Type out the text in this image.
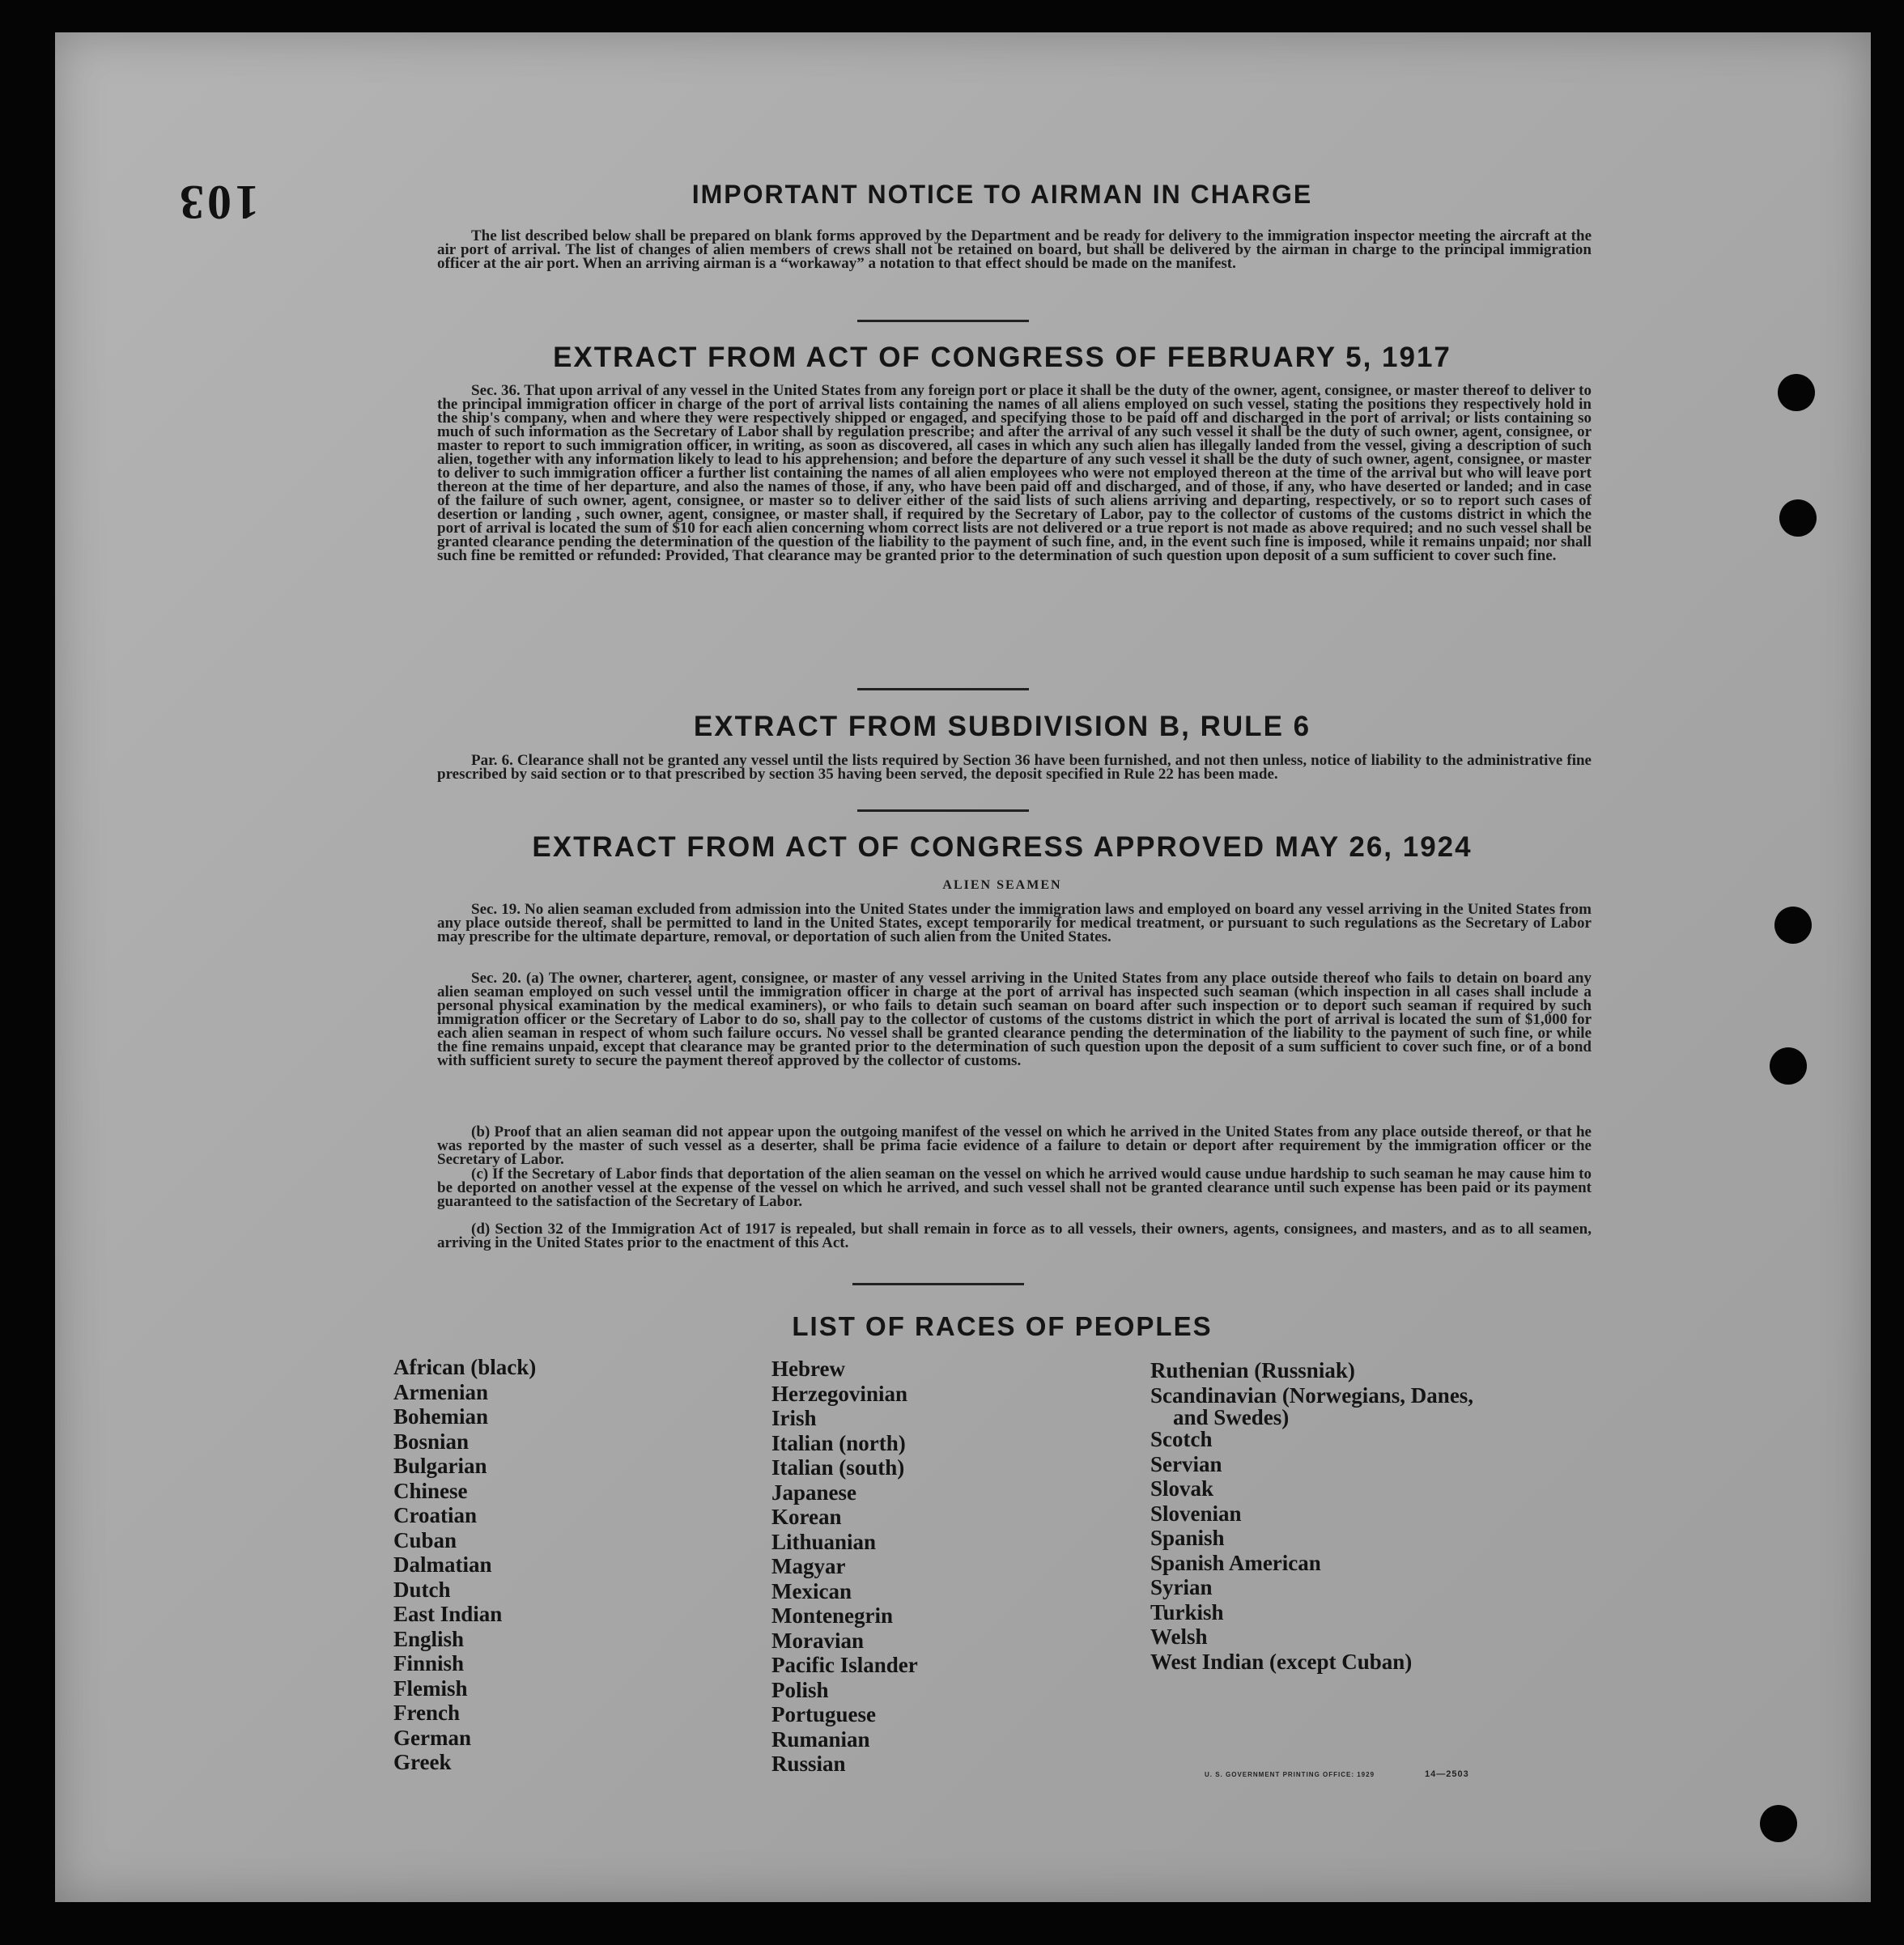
103	IMPORTANT NOTICE TO AIRMAN IN CHARGE
The list described below shall be prepared on blank forms approved by the Department and be ready for delivery to the immigration inspector meeting the aircraft at the air port of arrival. The list of changes of alien members of crews shall not be retained on board, but shall be delivered by the airman in charge to the principal immigration officer at the air port. When an arriving airman is a “workaway” a notation to that effect should be made on the manifest.
EXTRACT FROM ACT OF CONGRESS OF FEBRUARY 5, 1917
Sec. 36. That upon arrival of any vessel in the United States from any foreign port or place it shall be the duty of the owner, agent, consignee, or master thereof to deliver to the principal immigration officer in charge of the port of arrival lists containing the names of all aliens employed on such vessel, stating the positions they respectively hold in the ship's company, when and where they were respectively shipped or engaged, and specifying those to be paid off and discharged in the port of arrival; or lists containing so much of such information as the Secretary of Labor shall by regulation prescribe; and after the arrival of any such vessel it shall be the duty of such owner, agent, consignee, or master to report to such immigration officer, in writing, as soon as discovered, all cases in which any such alien has illegally landed from the vessel, giving a description of such alien, together with any information likely to lead to his apprehension; and before the departure of any such vessel it shall be the duty of such owner, agent, consignee, or master to deliver to such immigration officer a further list containing the names of all alien employees who were not employed thereon at the time of the arrival but who will leave port thereon at the time of her departure, and also the names of those, if any, who have been paid off and discharged, and of those, if any, who have deserted or landed; and in case of the failure of such owner, agent, consignee, or master so to deliver either of the said lists of such aliens arriving and departing, respectively, or so to report such cases of desertion or landing , such owner, agent, consignee, or master shall, if required by the Secretary of Labor, pay to the collector of customs of the customs district in which the port of arrival is located the sum of $10 for each alien concerning whom correct lists are not delivered or a true report is not made as above required; and no such vessel shall be granted clearance pending the determination of the question of the liability to the payment of such fine, and, in the event such fine is imposed, while it remains unpaid; nor shall such fine be remitted or refunded: Provided, That clearance may be granted prior to the determination of such question upon deposit of a sum sufficient to cover such fine.
EXTRACT FROM SUBDIVISION B, RULE 6
Par. 6. Clearance shall not be granted any vessel until the lists required by Section 36 have been furnished, and not then unless, notice of liability to the administrative fine prescribed by said section or to that prescribed by section 35 having been served, the deposit specified in Rule 22 has been made.
EXTRACT FROM ACT OF CONGRESS APPROVED MAY 26, 1924
ALIEN SEAMEN
Sec. 19. No alien seaman excluded from admission into the United States under the immigration laws and employed on board any vessel arriving in the United States from any place outside thereof, shall be permitted to land in the United States, except temporarily for medical treatment, or pursuant to such regulations as the Secretary of Labor may prescribe for the ultimate departure, removal, or deportation of such alien from the United States.
Sec. 20. (a) The owner, charterer, agent, consignee, or master of any vessel arriving in the United States from any place outside thereof who fails to detain on board any alien seaman employed on such vessel until the immigration officer in charge at the port of arrival has inspected such seaman (which inspection in all cases shall include a personal physical examination by the medical examiners), or who fails to detain such seaman on board after such inspection or to deport such seaman if required by such immigration officer or the Secretary of Labor to do so, shall pay to the collector of customs of the customs district in which the port of arrival is located the sum of $1,000 for each alien seaman in respect of whom such failure occurs. No vessel shall be granted clearance pending the determination of the liability to the payment of such fine, or while the fine remains unpaid, except that clearance may be granted prior to the determination of such question upon the deposit of a sum sufficient to cover such fine, or of a bond with sufficient surety to secure the payment thereof approved by the collector of customs.
(b) Proof that an alien seaman did not appear upon the outgoing manifest of the vessel on which he arrived in the United States from any place outside thereof, or that he was reported by the master of such vessel as a deserter, shall be prima facie evidence of a failure to detain or deport after requirement by the immigration officer or the Secretary of Labor.
(c) If the Secretary of Labor finds that deportation of the alien seaman on the vessel on which he arrived would cause undue hardship to such seaman he may cause him to be deported on another vessel at the expense of the vessel on which he arrived, and such vessel shall not be granted clearance until such expense has been paid or its payment guaranteed to the satisfaction of the Secretary of Labor.
(d) Section 32 of the Immigration Act of 1917 is repealed, but shall remain in force as to all vessels, their owners, agents, consignees, and masters, and as to all seamen, arriving in the United States prior to the enactment of this Act.
LIST OF RACES OF PEOPLES
African (black)
Armenian
Bohemian
Bosnian
Bulgarian
Chinese
Croatian
Cuban
Dalmatian
Dutch
East Indian
English
Finnish
Flemish
French
German
Greek
Hebrew
Herzegovinian
Irish
Italian (north)
Italian (south)
Japanese
Korean
Lithuanian
Magyar
Mexican
Montenegrin
Moravian
Pacific Islander
Polish
Portuguese
Rumanian
Russian
Ruthenian (Russniak)
Scandinavian (Norwegians, Danes,
and Swedes)
Scotch
Servian
Slovak
Slovenian
Spanish
Spanish American
Syrian
Turkish
Welsh
West Indian (except Cuban)
U. S. GOVERNMENT PRINTING OFFICE: 1929	14—2503
